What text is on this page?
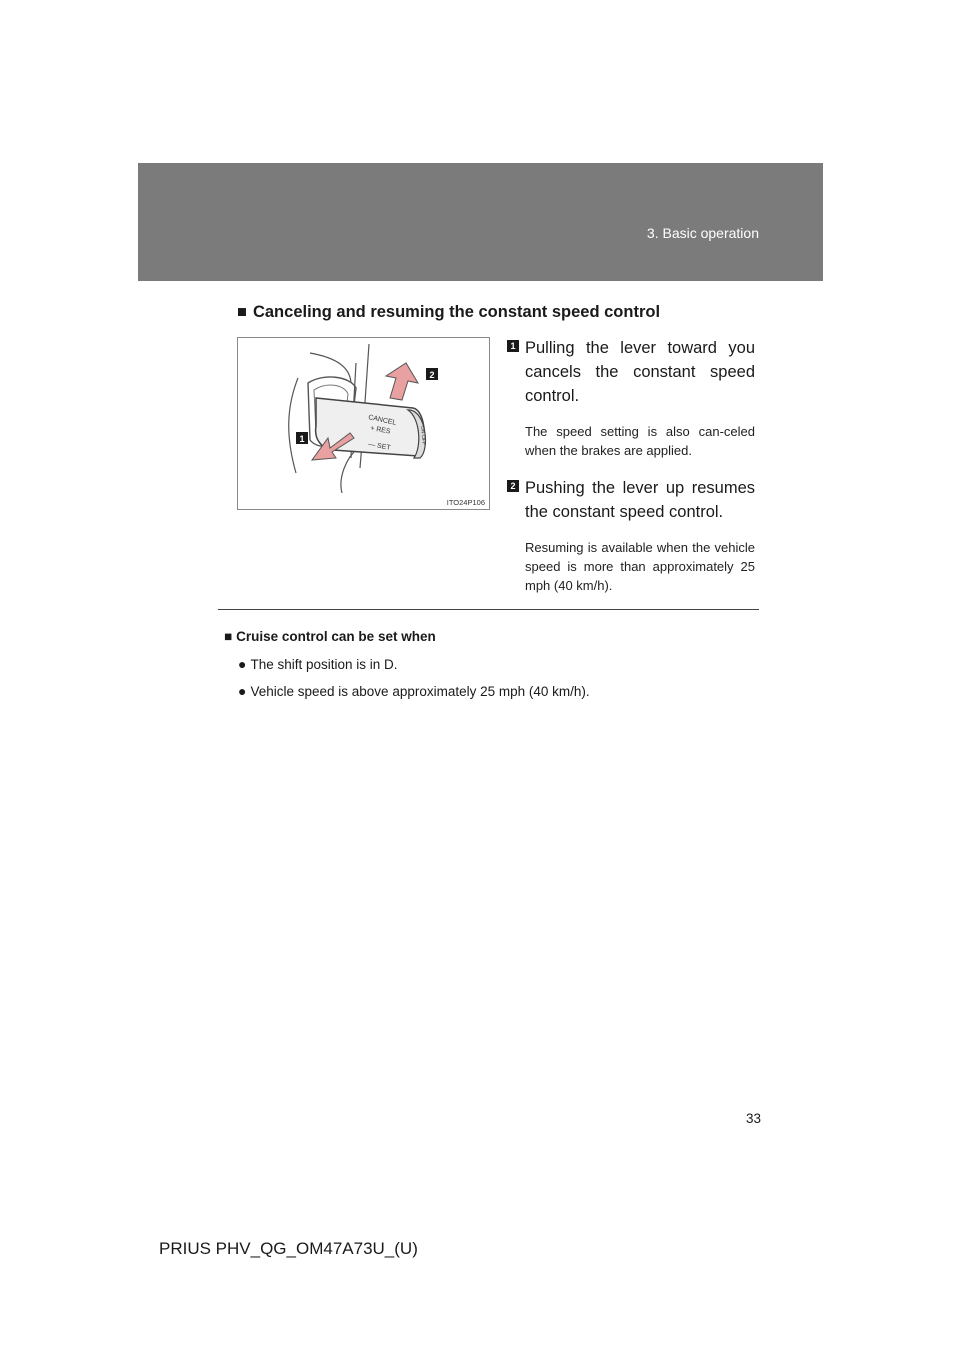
3. Basic operation
■ Canceling and resuming the constant speed control
CANCEL
+ RES
— SET
ON-OFF
2
1
ITO24P106
1 Pulling the lever toward you cancels the constant speed control.
The speed setting is also can-celed when the brakes are applied.
2 Pushing the lever up resumes the constant speed control.
Resuming is available when the vehicle speed is more than approximately 25 mph (40 km/h).
■ Cruise control can be set when
● The shift position is in D.
● Vehicle speed is above approximately 25 mph (40 km/h).
33
PRIUS PHV_QG_OM47A73U_(U)
